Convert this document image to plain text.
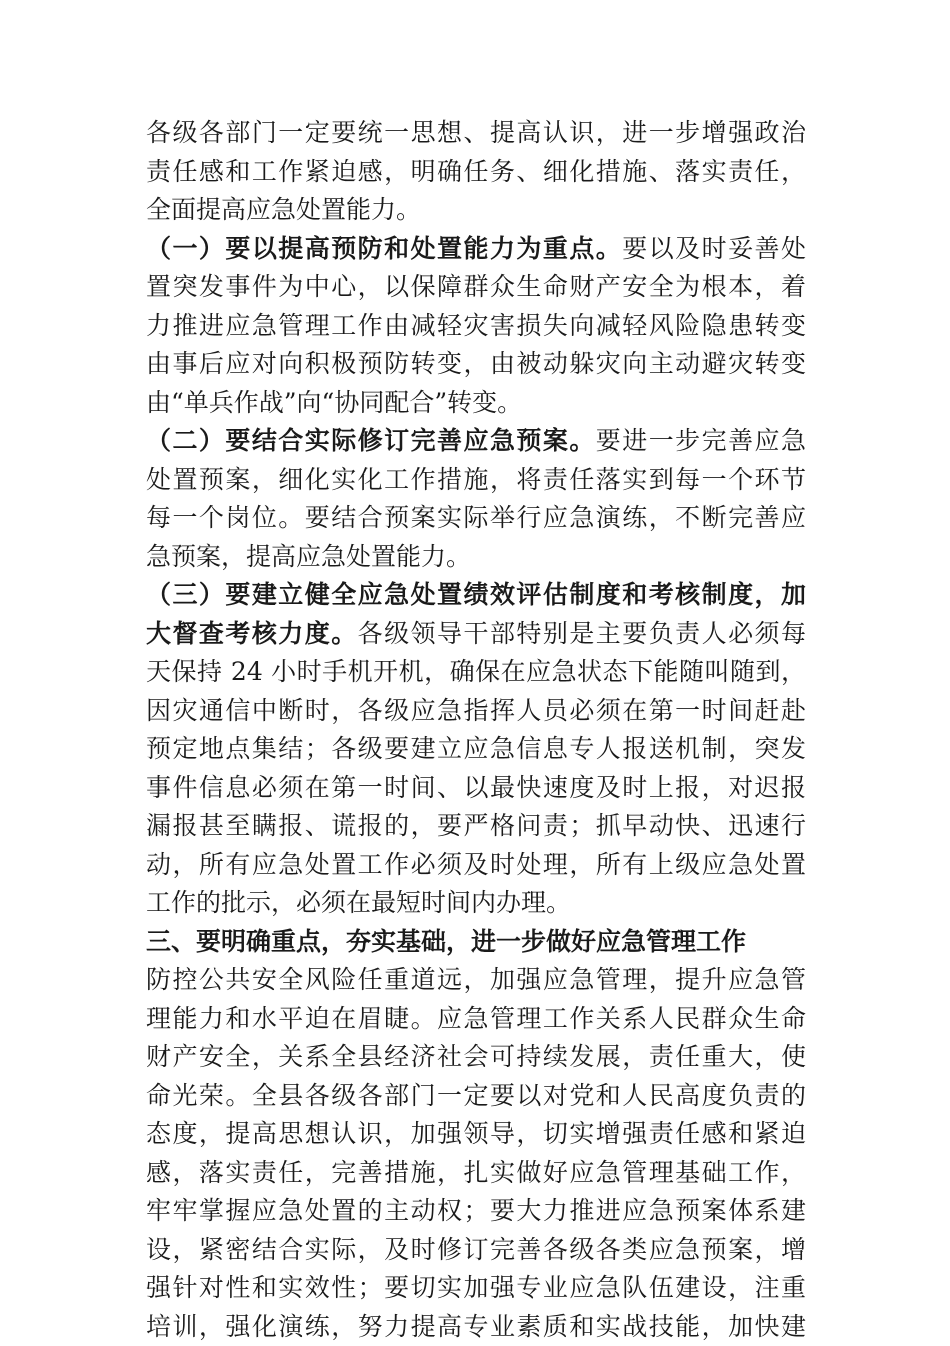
各级各部门一定要统一思想、提高认识，进一步增强政治
责任感和工作紧迫感，明确任务、细化措施、落实责任，
全面提高应急处置能力。
（一）要以提高预防和处置能力为重点。要以及时妥善处
置突发事件为中心，以保障群众生命财产安全为根本，着
力推进应急管理工作由减轻灾害损失向减轻风险隐患转变
由事后应对向积极预防转变，由被动躲灾向主动避灾转变
由“单兵作战”向“协同配合”转变。
（二）要结合实际修订完善应急预案。要进一步完善应急
处置预案，细化实化工作措施，将责任落实到每一个环节
每一个岗位。要结合预案实际举行应急演练，不断完善应
急预案，提高应急处置能力。
（三）要建立健全应急处置绩效评估制度和考核制度，加
大督查考核力度。各级领导干部特别是主要负责人必须每
天保持 24 小时手机开机，确保在应急状态下能随叫随到，
因灾通信中断时，各级应急指挥人员必须在第一时间赶赴
预定地点集结；各级要建立应急信息专人报送机制，突发
事件信息必须在第一时间、以最快速度及时上报，对迟报
漏报甚至瞒报、谎报的，要严格问责；抓早动快、迅速行
动，所有应急处置工作必须及时处理，所有上级应急处置
工作的批示，必须在最短时间内办理。
三、要明确重点，夯实基础，进一步做好应急管理工作
防控公共安全风险任重道远，加强应急管理，提升应急管
理能力和水平迫在眉睫。应急管理工作关系人民群众生命
财产安全，关系全县经济社会可持续发展，责任重大，使
命光荣。全县各级各部门一定要以对党和人民高度负责的
态度，提高思想认识，加强领导，切实增强责任感和紧迫
感，落实责任，完善措施，扎实做好应急管理基础工作，
牢牢掌握应急处置的主动权；要大力推进应急预案体系建
设，紧密结合实际，及时修订完善各级各类应急预案，增
强针对性和实效性；要切实加强专业应急队伍建设，注重
培训，强化演练，努力提高专业素质和实战技能，加快建
